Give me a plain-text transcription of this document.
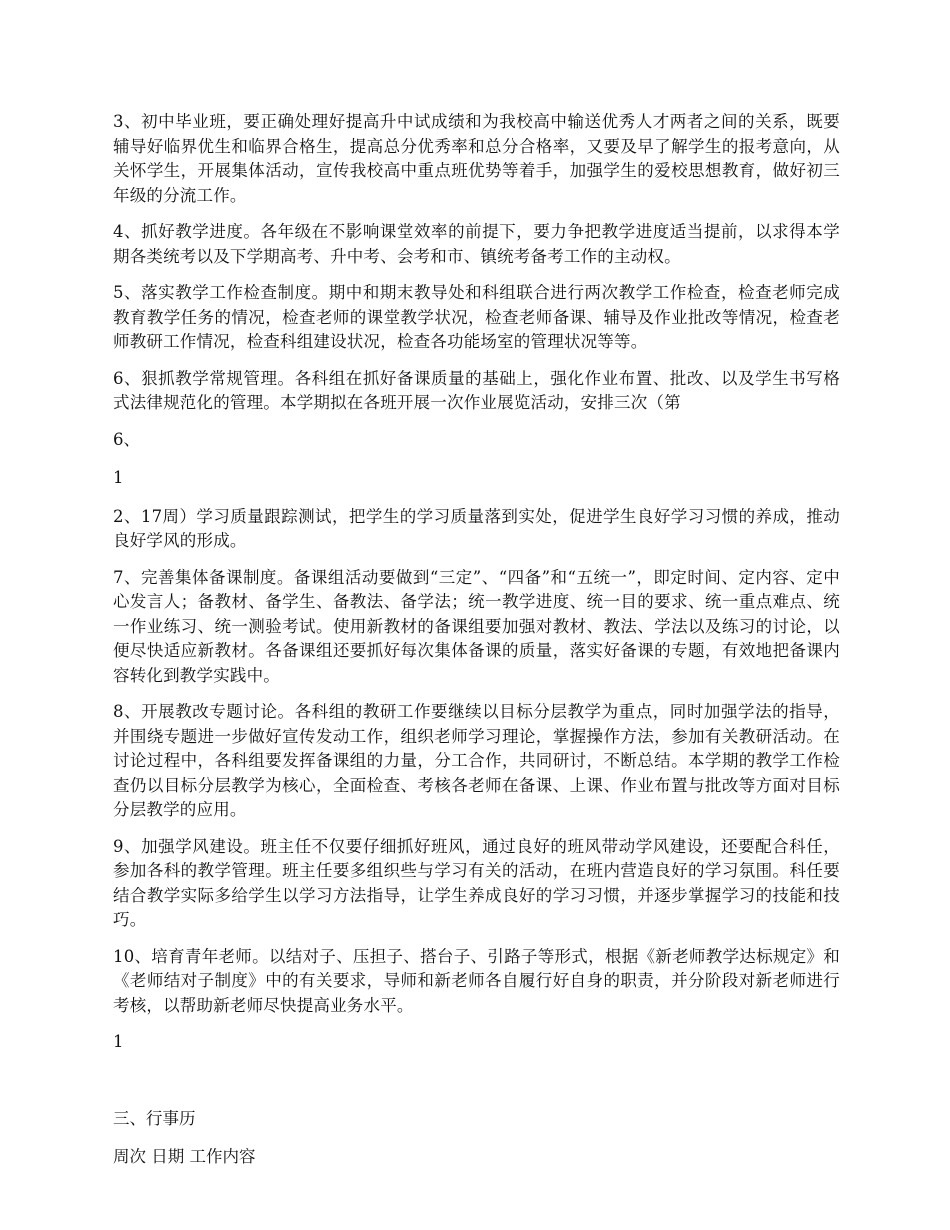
3、初中毕业班，要正确处理好提高升中试成绩和为我校高中输送优秀人才两者之间的关系，既要辅导好临界优生和临界合格生，提高总分优秀率和总分合格率，又要及早了解学生的报考意向，从关怀学生，开展集体活动，宣传我校高中重点班优势等着手，加强学生的爱校思想教育，做好初三年级的分流工作。

4、抓好教学进度。各年级在不影响课堂效率的前提下，要力争把教学进度适当提前，以求得本学期各类统考以及下学期高考、升中考、会考和市、镇统考备考工作的主动权。

5、落实教学工作检查制度。期中和期末教导处和科组联合进行两次教学工作检查，检查老师完成教育教学任务的情况，检查老师的课堂教学状况，检查老师备课、辅导及作业批改等情况，检查老师教研工作情况，检查科组建设状况，检查各功能场室的管理状况等等。

6、狠抓教学常规管理。各科组在抓好备课质量的基础上，强化作业布置、批改、以及学生书写格式法律规范化的管理。本学期拟在各班开展一次作业展览活动，安排三次（第

6、

1

2、17周）学习质量跟踪测试，把学生的学习质量落到实处，促进学生良好学习习惯的养成，推动良好学风的形成。

7、完善集体备课制度。备课组活动要做到“三定”、“四备”和“五统一”，即定时间、定内容、定中心发言人；备教材、备学生、备教法、备学法；统一教学进度、统一目的要求、统一重点难点、统一作业练习、统一测验考试。使用新教材的备课组要加强对教材、教法、学法以及练习的讨论，以便尽快适应新教材。各备课组还要抓好每次集体备课的质量，落实好备课的专题，有效地把备课内容转化到教学实践中。

8、开展教改专题讨论。各科组的教研工作要继续以目标分层教学为重点，同时加强学法的指导，并围绕专题进一步做好宣传发动工作，组织老师学习理论，掌握操作方法，参加有关教研活动。在讨论过程中，各科组要发挥备课组的力量，分工合作，共同研讨，不断总结。本学期的教学工作检查仍以目标分层教学为核心，全面检查、考核各老师在备课、上课、作业布置与批改等方面对目标分层教学的应用。

9、加强学风建设。班主任不仅要仔细抓好班风，通过良好的班风带动学风建设，还要配合科任，参加各科的教学管理。班主任要多组织些与学习有关的活动，在班内营造良好的学习氛围。科任要结合教学实际多给学生以学习方法指导，让学生养成良好的学习习惯，并逐步掌握学习的技能和技巧。

10、培育青年老师。以结对子、压担子、搭台子、引路子等形式，根据《新老师教学达标规定》和《老师结对子制度》中的有关要求，导师和新老师各自履行好自身的职责，并分阶段对新老师进行考核，以帮助新老师尽快提高业务水平。

1

三、行事历

周次 日期 工作内容
